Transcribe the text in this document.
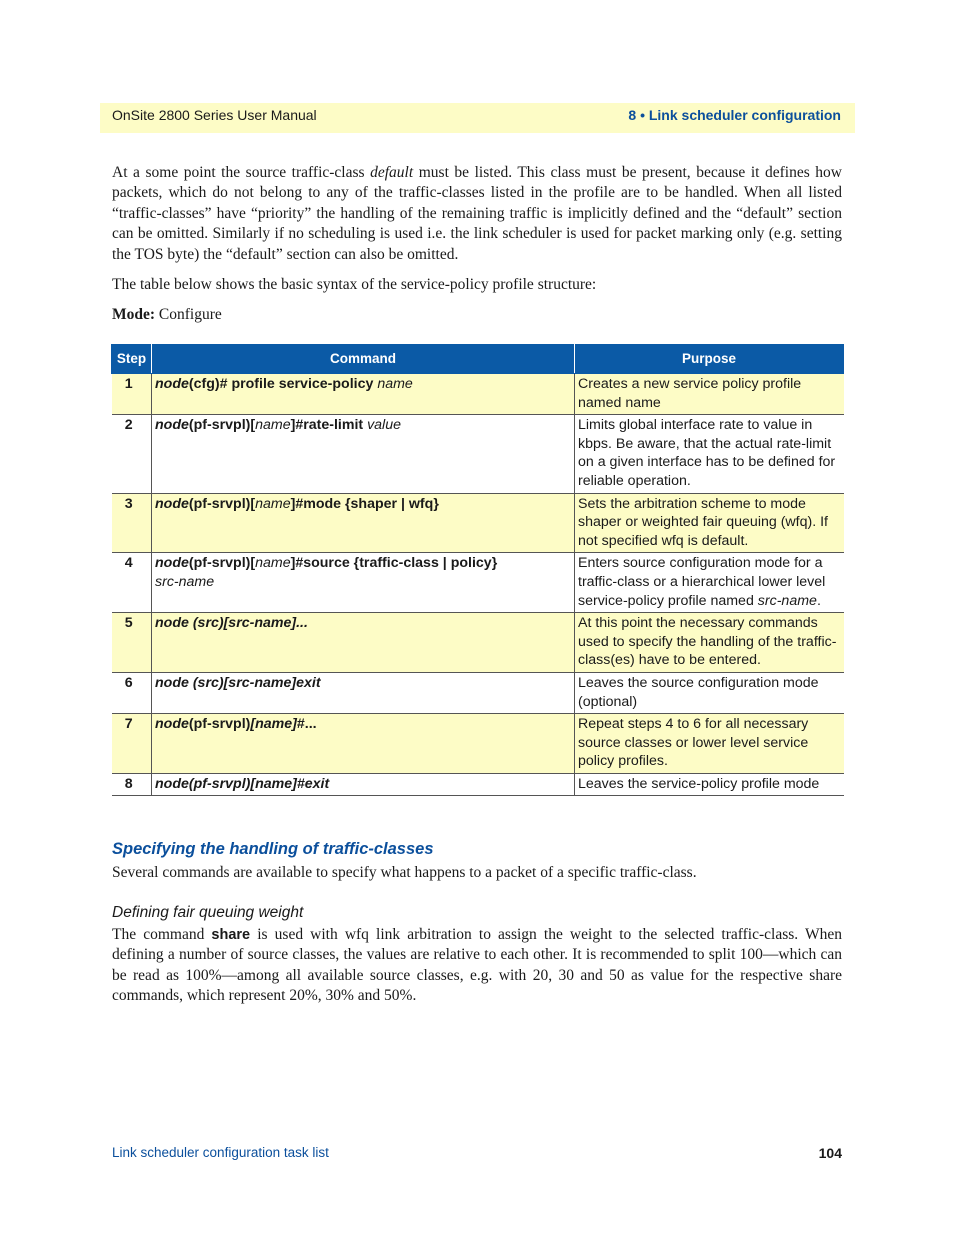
OnSite 2800 Series User Manual	8 • Link scheduler configuration

At a some point the source traffic-class default must be listed. This class must be present, because it defines how packets, which do not belong to any of the traffic-classes listed in the profile are to be handled. When all listed “traffic-classes” have “priority” the handling of the remaining traffic is implicitly defined and the “default” section can be omitted. Similarly if no scheduling is used i.e. the link scheduler is used for packet marking only (e.g. setting the TOS byte) the “default” section can also be omitted.

The table below shows the basic syntax of the service-policy profile structure:

Mode: Configure

Step	Command	Purpose
1	node(cfg)# profile service-policy name	Creates a new service policy profile named name
2	node(pf-srvpl)[name]#rate-limit value	Limits global interface rate to value in kbps. Be aware, that the actual rate-limit on a given interface has to be defined for reliable operation.
3	node(pf-srvpl)[name]#mode {shaper | wfq}	Sets the arbitration scheme to mode shaper or weighted fair queuing (wfq). If not specified wfq is default.
4	node(pf-srvpl)[name]#source {traffic-class | policy}
src-name	Enters source configuration mode for a traffic-class or a hierarchical lower level service-policy profile named src-name.
5	node (src)[src-name]...	At this point the necessary commands used to specify the handling of the traffic-class(es) have to be entered.
6	node (src)[src-name]exit	Leaves the source configuration mode (optional)
7	node(pf-srvpl)[name]#...	Repeat steps 4 to 6 for all necessary source classes or lower level service policy profiles.
8	node(pf-srvpl)[name]#exit	Leaves the service-policy profile mode
Specifying the handling of traffic-classes

Several commands are available to specify what happens to a packet of a specific traffic-class.

Defining fair queuing weight

The command share is used with wfq link arbitration to assign the weight to the selected traffic-class. When defining a number of source classes, the values are relative to each other. It is recommended to split 100—which can be read as 100%—among all available source classes, e.g. with 20, 30 and 50 as value for the respective share commands, which represent 20%, 30% and 50%.

Link scheduler configuration task list	104
